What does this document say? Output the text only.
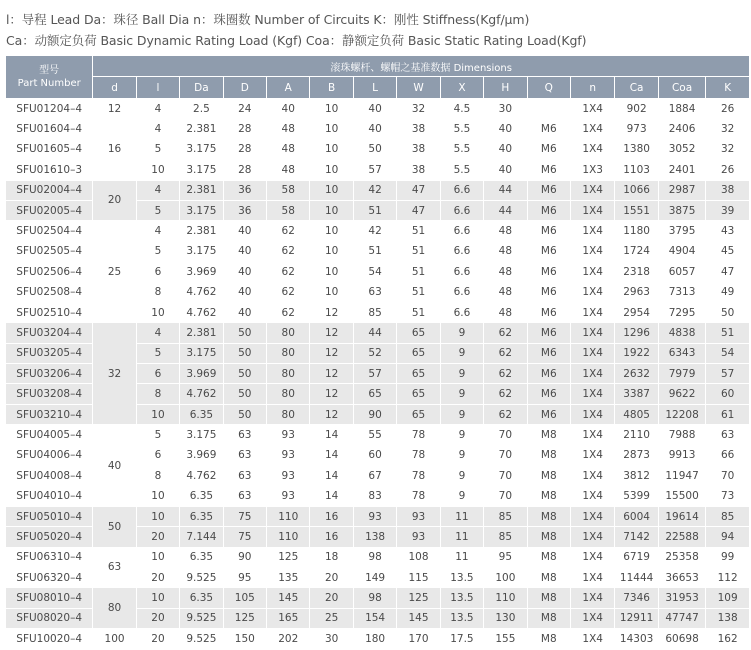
l：导程 Lead Da：珠径 Ball Dia n：珠圈数 Number of Circuits K：刚性 Stiffness(Kgf/μm)
Ca：动额定负荷 Basic Dynamic Rating Load (Kgf) Coa：静额定负荷 Basic Static Rating Load(Kgf)
型号
Part Number	滚珠螺杆、螺帽之基准数据 Dimensions														
	d	l	Da	D	A	B	L	W	X	H	Q	n	Ca	Coa	K
SFU01204–4	12	4	2.5	24	40	10	40	32	4.5	30		1X4	902	1884	26
SFU01604–4	16	4	2.381	28	48	10	40	38	5.5	40	M6	1X4	973	2406	32
SFU01605–4		5	3.175	28	48	10	50	38	5.5	40	M6	1X4	1380	3052	32
SFU01610–3		10	3.175	28	48	10	57	38	5.5	40	M6	1X3	1103	2401	26
SFU02004–4	20	4	2.381	36	58	10	42	47	6.6	44	M6	1X4	1066	2987	38
SFU02005–4		5	3.175	36	58	10	51	47	6.6	44	M6	1X4	1551	3875	39
SFU02504–4	25	4	2.381	40	62	10	42	51	6.6	48	M6	1X4	1180	3795	43
SFU02505–4		5	3.175	40	62	10	51	51	6.6	48	M6	1X4	1724	4904	45
SFU02506–4		6	3.969	40	62	10	54	51	6.6	48	M6	1X4	2318	6057	47
SFU02508–4		8	4.762	40	62	10	63	51	6.6	48	M6	1X4	2963	7313	49
SFU02510–4		10	4.762	40	62	12	85	51	6.6	48	M6	1X4	2954	7295	50
SFU03204–4	32	4	2.381	50	80	12	44	65	9	62	M6	1X4	1296	4838	51
SFU03205–4		5	3.175	50	80	12	52	65	9	62	M6	1X4	1922	6343	54
SFU03206–4		6	3.969	50	80	12	57	65	9	62	M6	1X4	2632	7979	57
SFU03208–4		8	4.762	50	80	12	65	65	9	62	M6	1X4	3387	9622	60
SFU03210–4		10	6.35	50	80	12	90	65	9	62	M6	1X4	4805	12208	61
SFU04005–4	40	5	3.175	63	93	14	55	78	9	70	M8	1X4	2110	7988	63
SFU04006–4		6	3.969	63	93	14	60	78	9	70	M8	1X4	2873	9913	66
SFU04008–4		8	4.762	63	93	14	67	78	9	70	M8	1X4	3812	11947	70
SFU04010–4		10	6.35	63	93	14	83	78	9	70	M8	1X4	5399	15500	73
SFU05010–4	50	10	6.35	75	110	16	93	93	11	85	M8	1X4	6004	19614	85
SFU05020–4		20	7.144	75	110	16	138	93	11	85	M8	1X4	7142	22588	94
SFU06310–4	63	10	6.35	90	125	18	98	108	11	95	M8	1X4	6719	25358	99
SFU06320–4		20	9.525	95	135	20	149	115	13.5	100	M8	1X4	11444	36653	112
SFU08010–4	80	10	6.35	105	145	20	98	125	13.5	110	M8	1X4	7346	31953	109
SFU08020–4		20	9.525	125	165	25	154	145	13.5	130	M8	1X4	12911	47747	138
SFU10020–4	100	20	9.525	150	202	30	180	170	17.5	155	M8	1X4	14303	60698	162
